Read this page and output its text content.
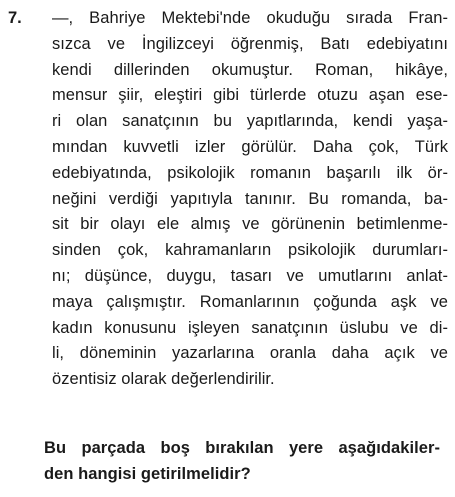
7. —, Bahriye Mektebi'nde okuduğu sırada Fran-
sızca ve İngilizceyi öğrenmiş, Batı edebiyatını
kendi dillerinden okumuştur. Roman, hikâye,
mensur şiir, eleştiri gibi türlerde otuzu aşan ese-
ri olan sanatçının bu yapıtlarında, kendi yaşa-
mından kuvvetli izler görülür. Daha çok, Türk
edebiyatında, psikolojik romanın başarılı ilk ör-
neğini verdiği yapıtıyla tanınır. Bu romanda, ba-
sit bir olayı ele almış ve görünenin betimlenme-
sinden çok, kahramanların psikolojik durumları-
nı; düşünce, duygu, tasarı ve umutlarını anlat-
maya çalışmıştır. Romanlarının çoğunda aşk ve
kadın konusunu işleyen sanatçının üslubu ve di-
li, döneminin yazarlarına oranla daha açık ve
özentisiz olarak değerlendirilir.
Bu parçada boş bırakılan yere aşağıdakiler-
den hangisi getirilmelidir?
